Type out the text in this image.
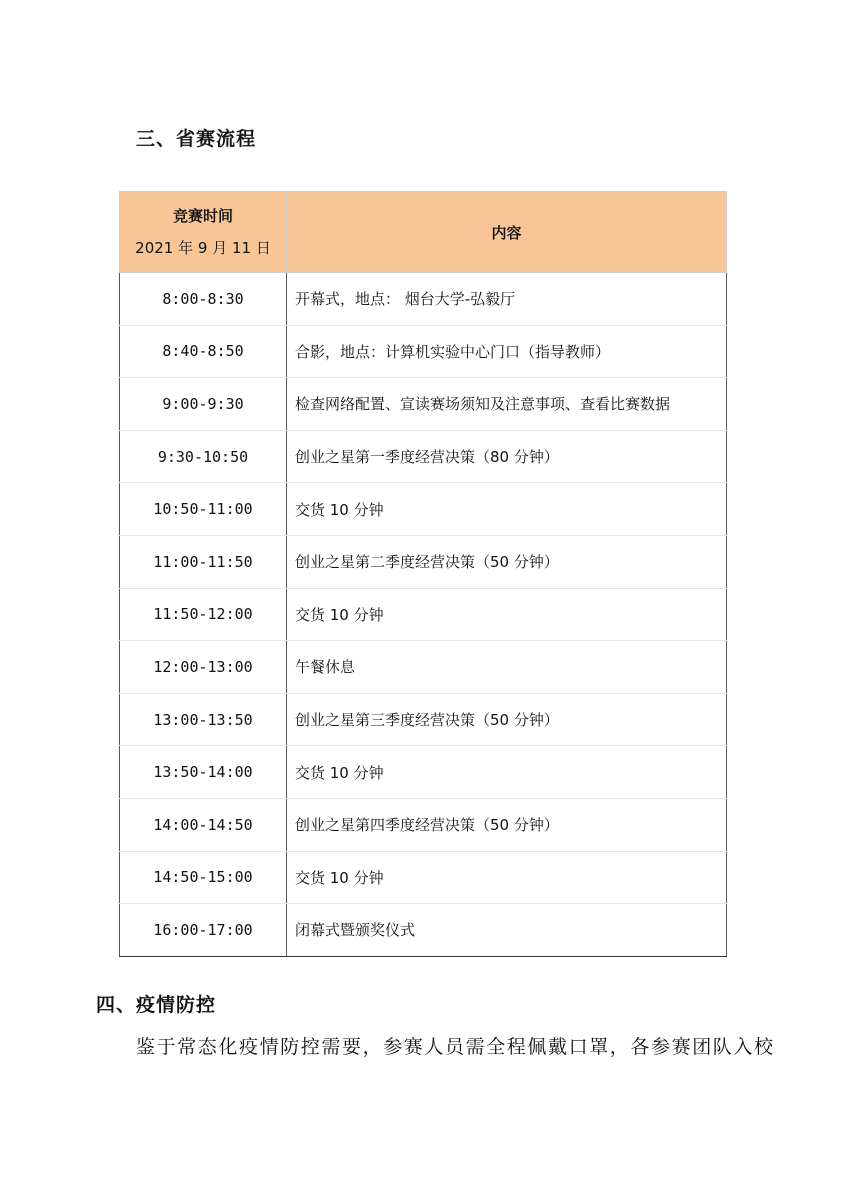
三、省赛流程
竞赛时间
2021 年 9 月 11 日	内容
8:00-8:30	开幕式，地点： 烟台大学-弘毅厅
8:40-8:50	合影，地点：计算机实验中心门口（指导教师）
9:00-9:30	检查网络配置、宣读赛场须知及注意事项、查看比赛数据
9:30-10:50	创业之星第一季度经营决策（80 分钟）
10:50-11:00	交货 10 分钟
11:00-11:50	创业之星第二季度经营决策（50 分钟）
11:50-12:00	交货 10 分钟
12:00-13:00	午餐休息
13:00-13:50	创业之星第三季度经营决策（50 分钟）
13:50-14:00	交货 10 分钟
14:00-14:50	创业之星第四季度经营决策（50 分钟）
14:50-15:00	交货 10 分钟
16:00-17:00	闭幕式暨颁奖仪式
四、疫情防控
鉴于常态化疫情防控需要，参赛人员需全程佩戴口罩，各参赛团队入校
